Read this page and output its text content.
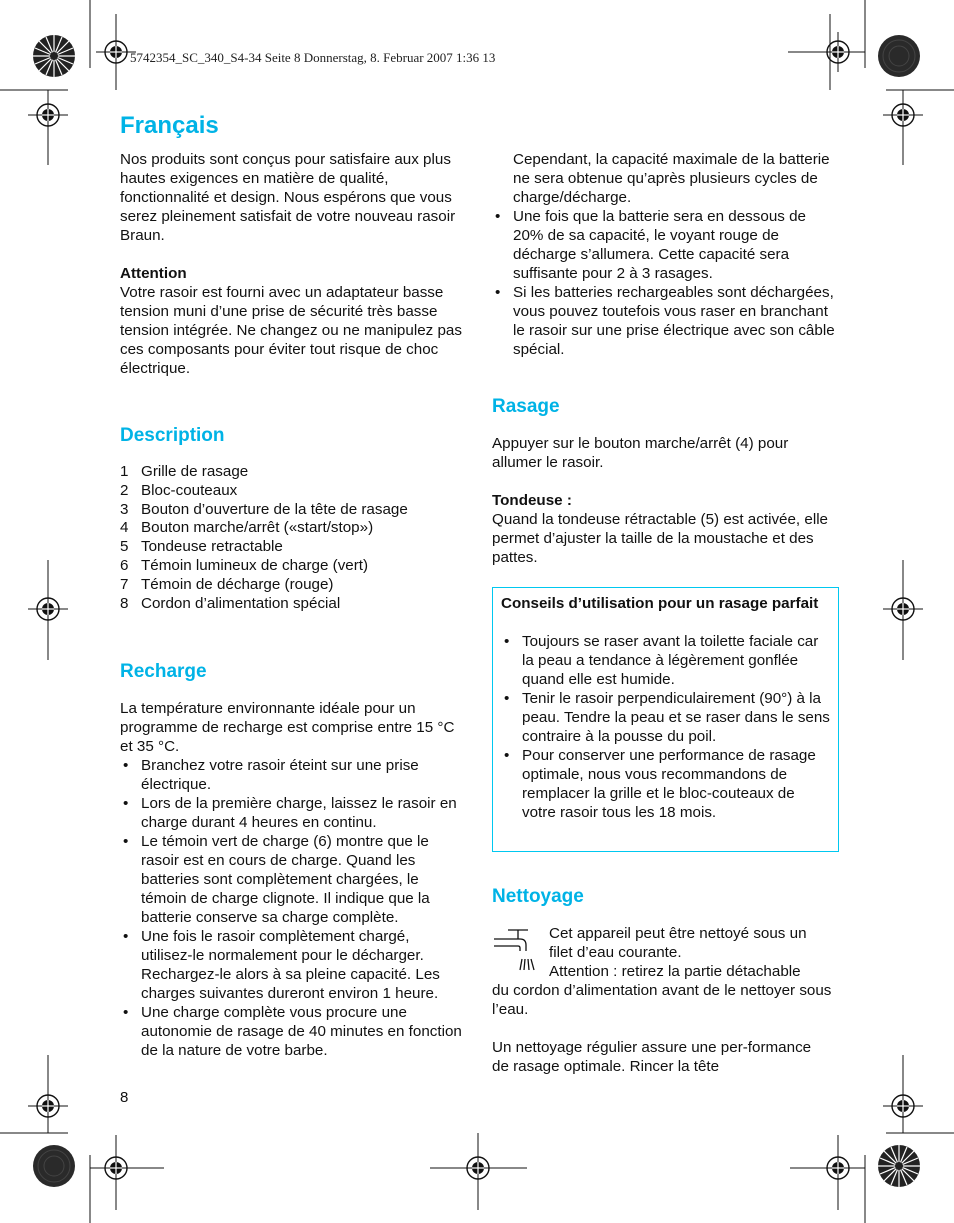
5742354_SC_340_S4-34 Seite 8 Donnerstag, 8. Februar 2007 1:36 13
Français

Nos produits sont conçus pour satisfaire aux plus hautes exigences en matière de qualité, fonctionnalité et design. Nous espérons que vous serez pleinement satisfait de votre nouveau rasoir Braun.

Attention

Votre rasoir est fourni avec un adaptateur basse tension muni d’une prise de sécurité très basse tension intégrée. Ne changez ou ne manipulez pas ces composants pour éviter tout risque de choc électrique.

Description
1 Grille de rasage
2 Bloc-couteaux
3 Bouton d’ouverture de la tête de rasage
4 Bouton marche/arrêt («start/stop»)
5 Tondeuse retractable
6 Témoin lumineux de charge (vert)
7 Témoin de décharge (rouge)
8 Cordon d’alimentation spécial
Recharge

La température environnante idéale pour un programme de recharge est comprise entre 15 °C et 35 °C.

• Branchez votre rasoir éteint sur une prise électrique.
• Lors de la première charge, laissez le rasoir en charge durant 4 heures en continu.
• Le témoin vert de charge (6) montre que le rasoir est en cours de charge. Quand les batteries sont complètement chargées, le témoin de charge clignote. Il indique que la batterie conserve sa charge complète.
• Une fois le rasoir complètement chargé, utilisez-le normalement pour le décharger. Rechargez-le alors à sa pleine capacité. Les charges suivantes dureront environ 1 heure.
• Une charge complète vous procure une autonomie de rasage de 40 minutes en fonction de la nature de votre barbe.
8

Cependant, la capacité maximale de la batterie ne sera obtenue qu’après plusieurs cycles de charge/décharge.

• Une fois que la batterie sera en dessous de 20% de sa capacité, le voyant rouge de décharge s’allumera. Cette capacité sera suffisante pour 2 à 3 rasages.
• Si les batteries rechargeables sont déchargées, vous pouvez toutefois vous raser en branchant le rasoir sur une prise électrique avec son câble spécial.
Rasage

Appuyer sur le bouton marche/arrêt (4) pour allumer le rasoir.

Tondeuse :

Quand la tondeuse rétractable (5) est activée, elle permet d’ajuster la taille de la moustache et des pattes.

Conseils d’utilisation pour un rasage parfait
• Toujours se raser avant la toilette faciale car la peau a tendance à légèrement gonflée quand elle est humide.
• Tenir le rasoir perpendiculairement (90°) à la peau. Tendre la peau et se raser dans le sens contraire à la pousse du poil.
• Pour conserver une performance de rasage optimale, nous vous recommandons de remplacer la grille et le bloc-couteaux de votre rasoir tous les 18 mois.
Nettoyage
Cet appareil peut être nettoyé sous un
filet d’eau courante.
Attention : retirez la partie détachable

du cordon d’alimentation avant de le nettoyer sous l’eau.

Un nettoyage régulier assure une per-formance de rasage optimale. Rincer la tête
